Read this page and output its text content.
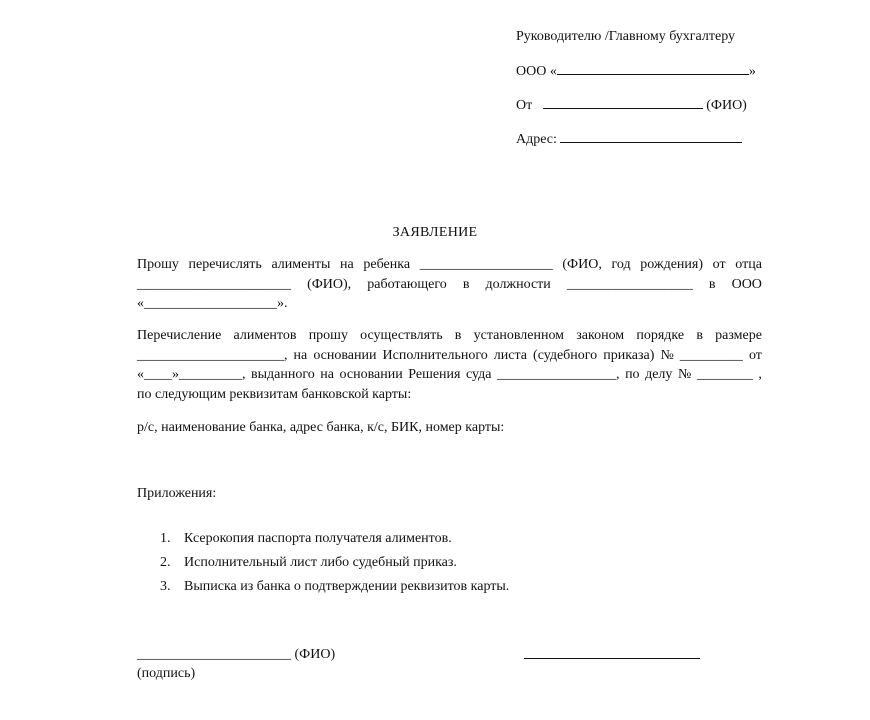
Руководителю /Главному бухгалтеру
ООО «	»
От	(ФИО)
Адрес:
ЗАЯВЛЕНИЕ
Прошу перечислять алименты на ребенка ___________________ (ФИО, год рождения) от отца
______________________ (ФИО), работающего в должности __________________ в ООО
«___________________».
Перечисление алиментов прошу осуществлять в установленном законом порядке в размере
_____________________, на основании Исполнительного листа (судебного приказа) № _________ от
«____»_________, выданного на основании Решения суда _________________, по делу № ________ ,
по следующим реквизитам банковской карты:
р/с, наименование банка, адрес банка, к/с, БИК, номер карты:
Приложения:
1. Ксерокопия паспорта получателя алиментов.
2. Исполнительный лист либо судебный приказ.
3. Выписка из банка о подтверждении реквизитов карты.
______________________ (ФИО)
(подпись)
